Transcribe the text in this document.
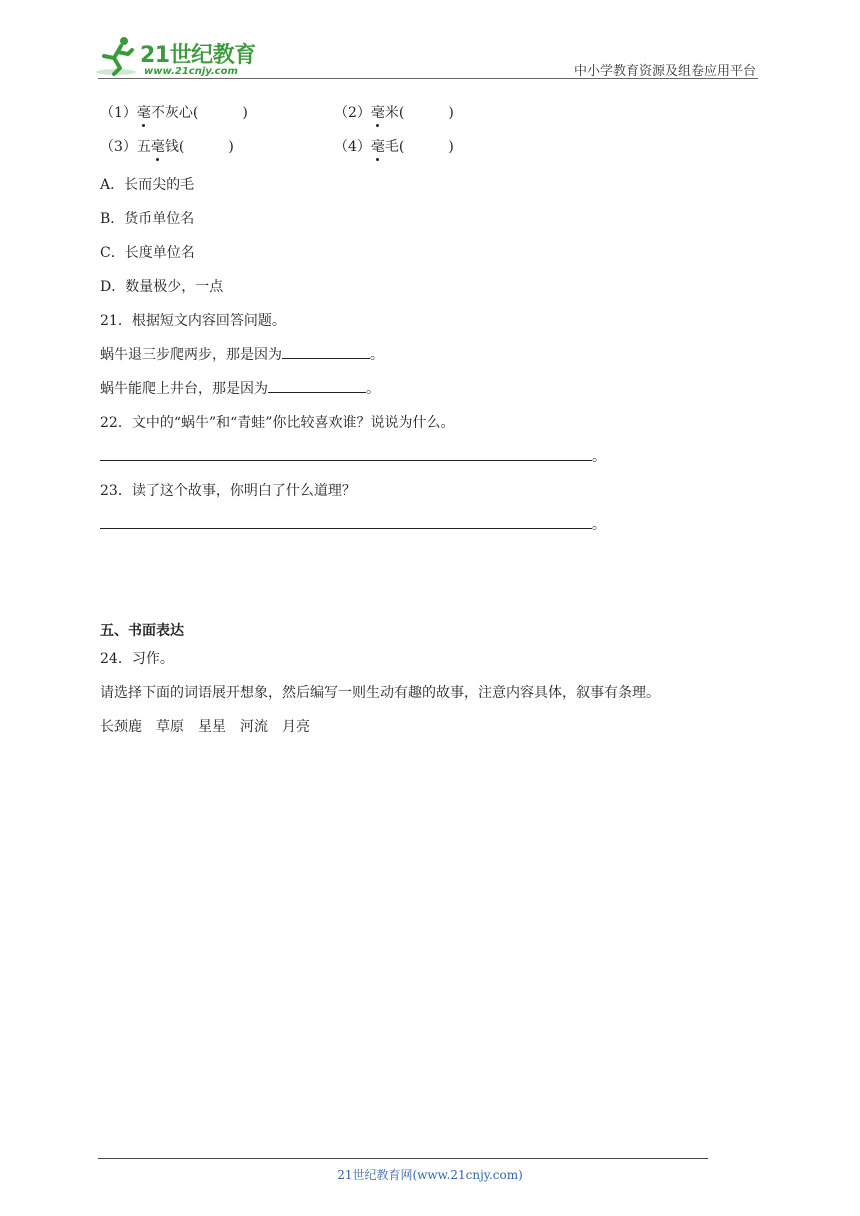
21世纪教育
www.21cnjy.com	中小学教育资源及组卷应用平台
（1）毫不灰心(	)	（2）毫米(	)
（3）五毫钱(	)	（4）毫毛(	)
A．长而尖的毛
B．货币单位名
C．长度单位名
D．数量极少，一点
21．根据短文内容回答问题。
蜗牛退三步爬两步，那是因为	。
蜗牛能爬上井台，那是因为	。
22．文中的“蜗牛”和“青蛙”你比较喜欢谁？说说为什么。
。
23．读了这个故事，你明白了什么道理？
。
五、书面表达
24．习作。
请选择下面的词语展开想象，然后编写一则生动有趣的故事，注意内容具体，叙事有条理。
长颈鹿 草原 星星 河流 月亮
21世纪教育网(www.21cnjy.com)
